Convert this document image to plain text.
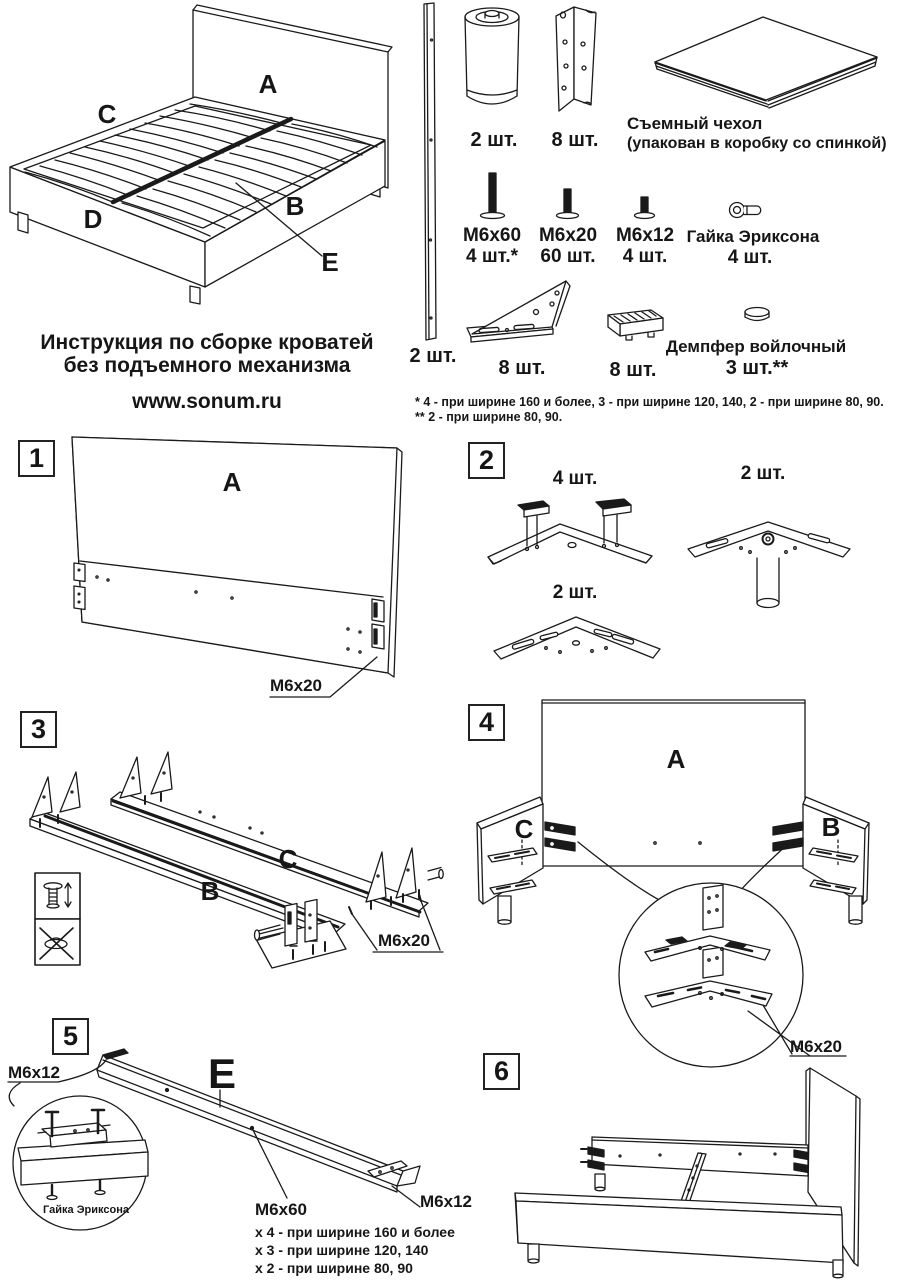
Инструкция по сборке кроватей
без подъемного механизма
www.sonum.ru
A
C
D	B
E
2 шт.
2 шт. 8 шт.
Съемный чехол
(упакован в коробку со спинкой)
М6х60
4 шт.*
М6х20
60 шт.
М6х12
4 шт.
Гайка Эриксона
4 шт.
8 шт.	8 шт.
Демпфер войлочный
3 шт.**
* 4 - при ширине 160 и более, 3 - при ширине 120, 140, 2 - при ширине 80, 90.
** 2 - при ширине 80, 90.
1	2
3	4
5
6
A
М6х20
4 шт.	2 шт.
2 шт.
B
C
М6х20
A
C	B
М6х20
М6х12	E
М6х12
Гайка Эриксона	М6х60
х 4 - при ширине 160 и более
х 3 - при ширине 120, 140
х 2 - при ширине 80, 90
